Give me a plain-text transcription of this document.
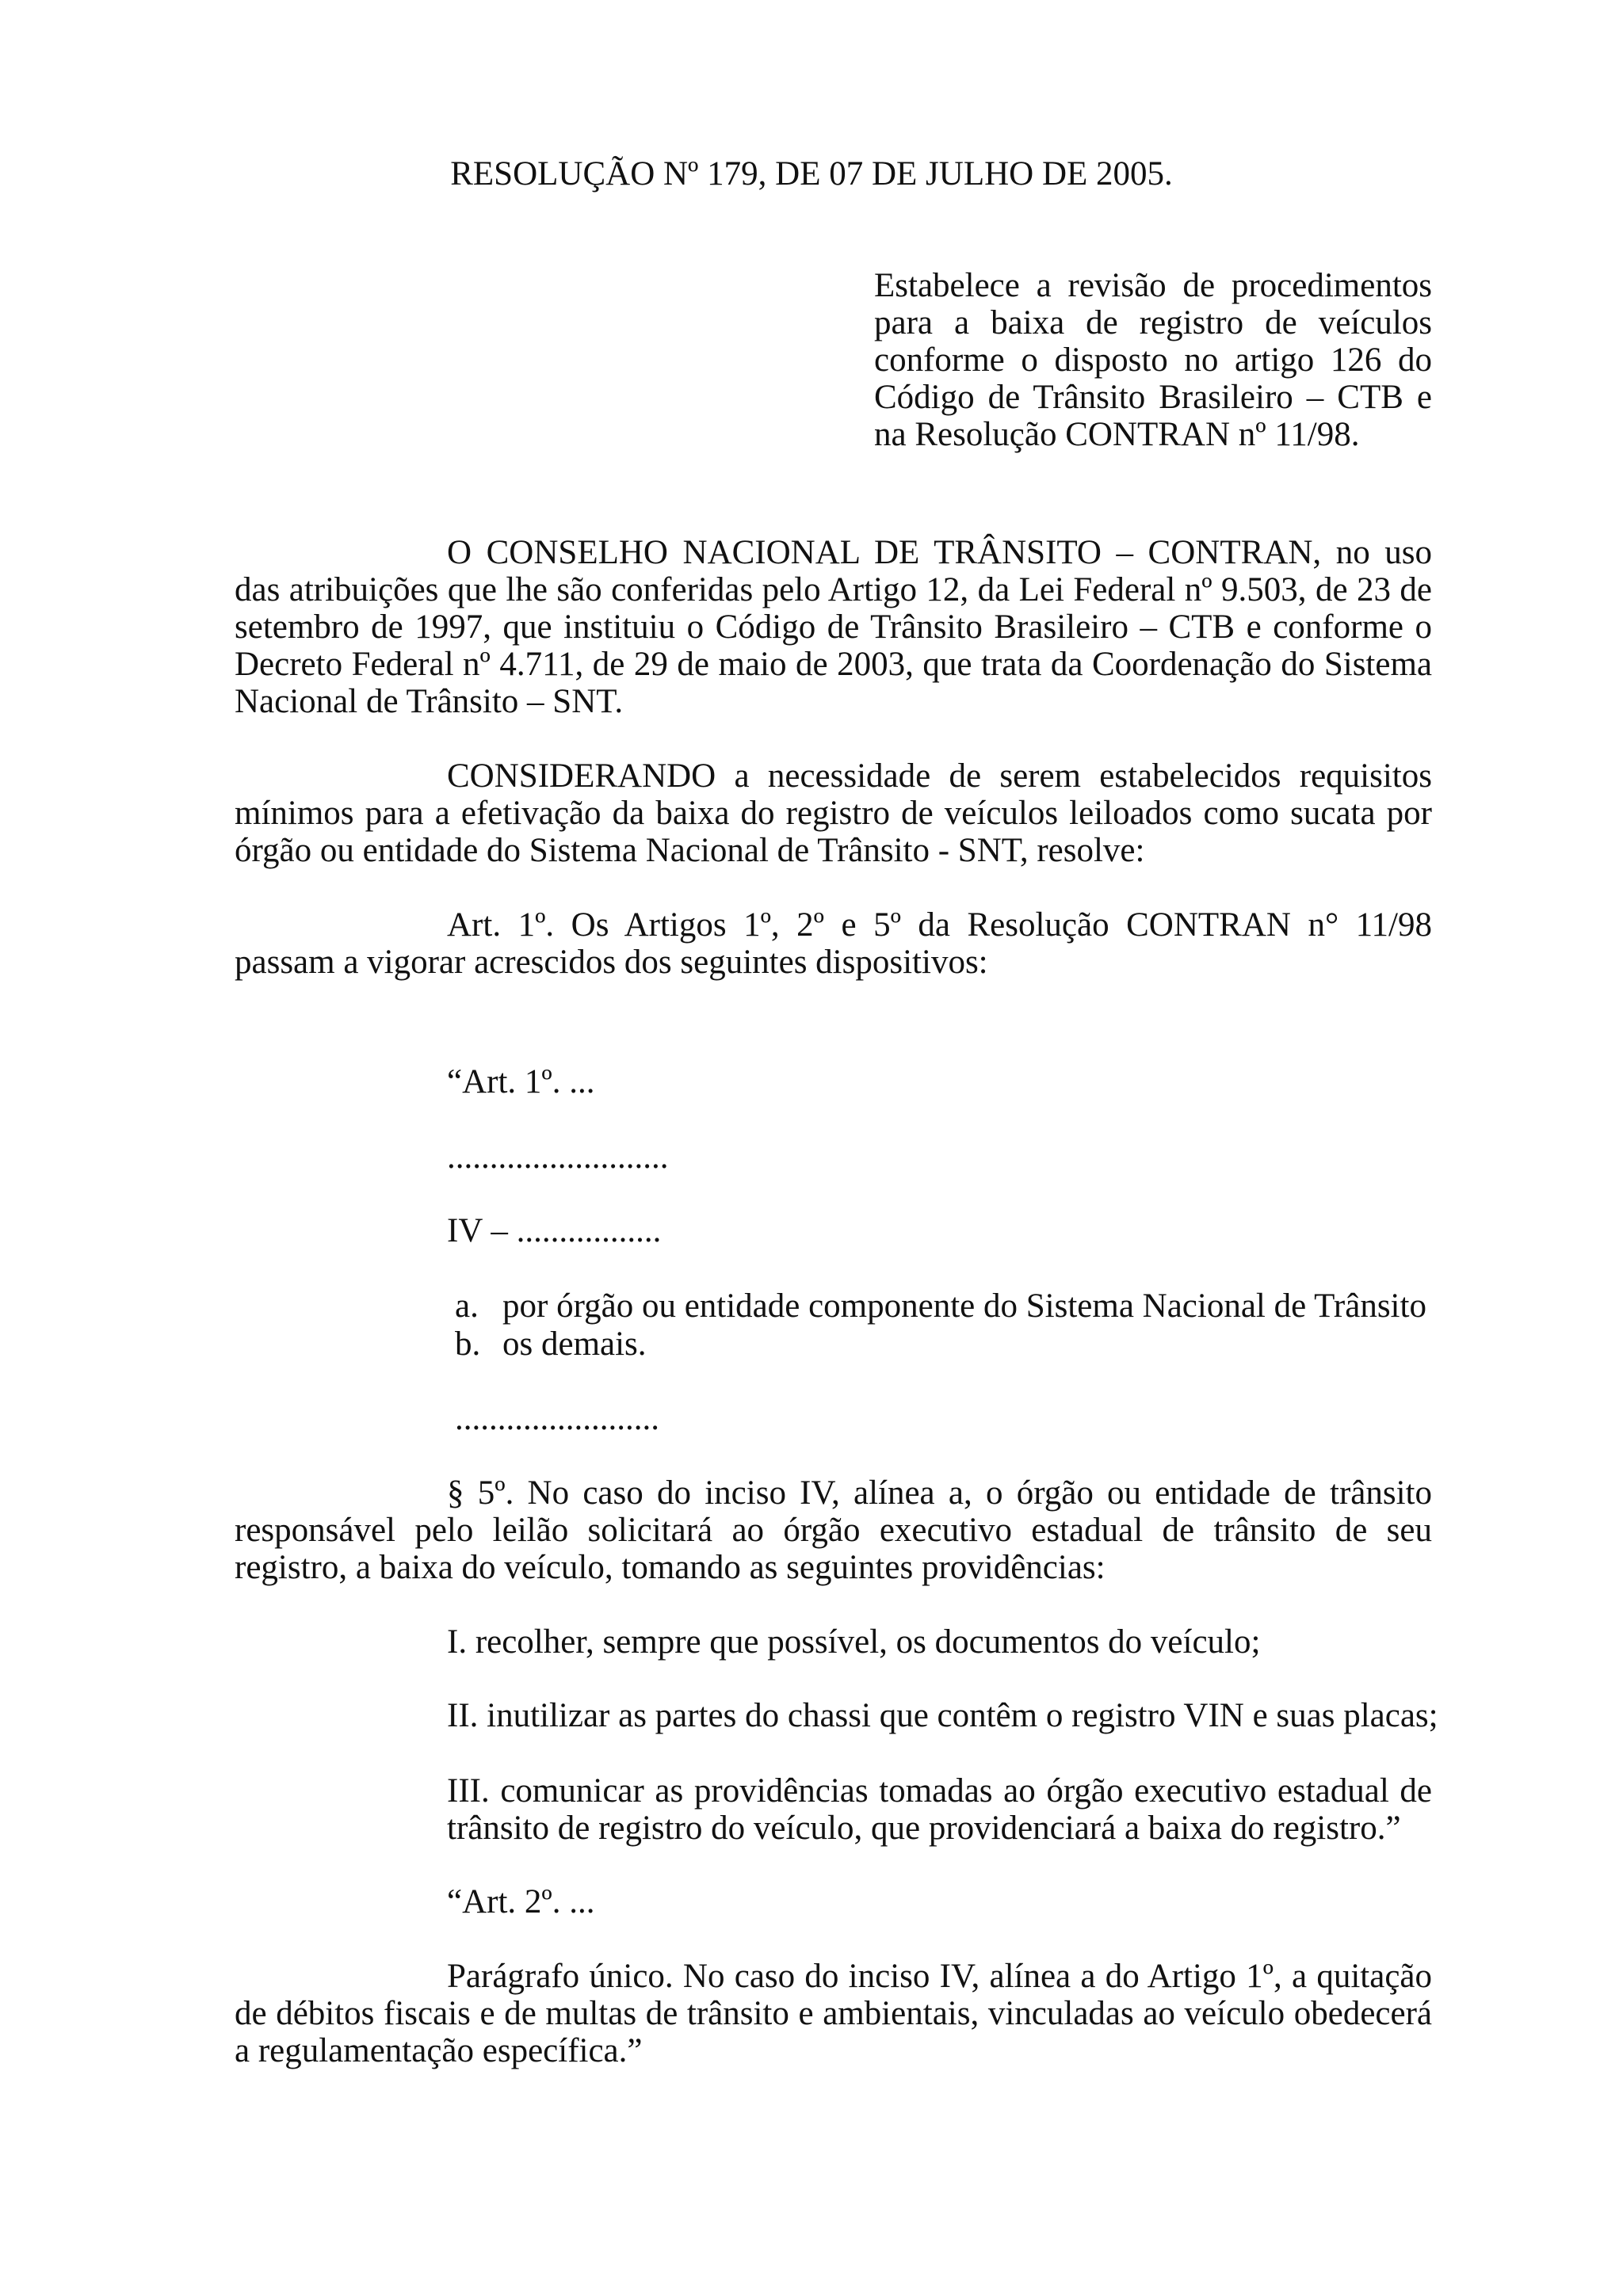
RESOLUÇÃO Nº 179, DE 07 DE JULHO DE 2005.
Estabelece a revisão de procedimentos para a baixa de registro de veículos conforme o disposto no artigo 126 do Código de Trânsito Brasileiro – CTB e na Resolução CONTRAN nº 11/98.

O CONSELHO NACIONAL DE TRÂNSITO – CONTRAN, no uso das atribuições que lhe são conferidas pelo Artigo 12, da Lei Federal nº 9.503, de 23 de setembro de 1997, que instituiu o Código de Trânsito Brasileiro – CTB e conforme o Decreto Federal nº 4.711, de 29 de maio de 2003, que trata da Coordenação do Sistema Nacional de Trânsito – SNT.

CONSIDERANDO a necessidade de serem estabelecidos requisitos mínimos para a efetivação da baixa do registro de veículos leiloados como sucata por órgão ou entidade do Sistema Nacional de Trânsito - SNT, resolve:

Art. 1º. Os Artigos 1º, 2º e 5º da Resolução CONTRAN n° 11/98 passam a vigorar acrescidos dos seguintes dispositivos:

“Art. 1º. ...
..........................
IV – .................
a. por órgão ou entidade componente do Sistema Nacional de Trânsito
b. os demais.
........................

§ 5º. No caso do inciso IV, alínea a, o órgão ou entidade de trânsito responsável pelo leilão solicitará ao órgão executivo estadual de trânsito de seu registro, a baixa do veículo, tomando as seguintes providências:

I. recolher, sempre que possível, os documentos do veículo;
II. inutilizar as partes do chassi que contêm o registro VIN e suas placas;
III. comunicar as providências tomadas ao órgão executivo estadual de trânsito de registro do veículo, que providenciará a baixa do registro.”
“Art. 2º. ...

Parágrafo único. No caso do inciso IV, alínea a do Artigo 1º, a quitação de débitos fiscais e de multas de trânsito e ambientais, vinculadas ao veículo obedecerá a regulamentação específica.”
